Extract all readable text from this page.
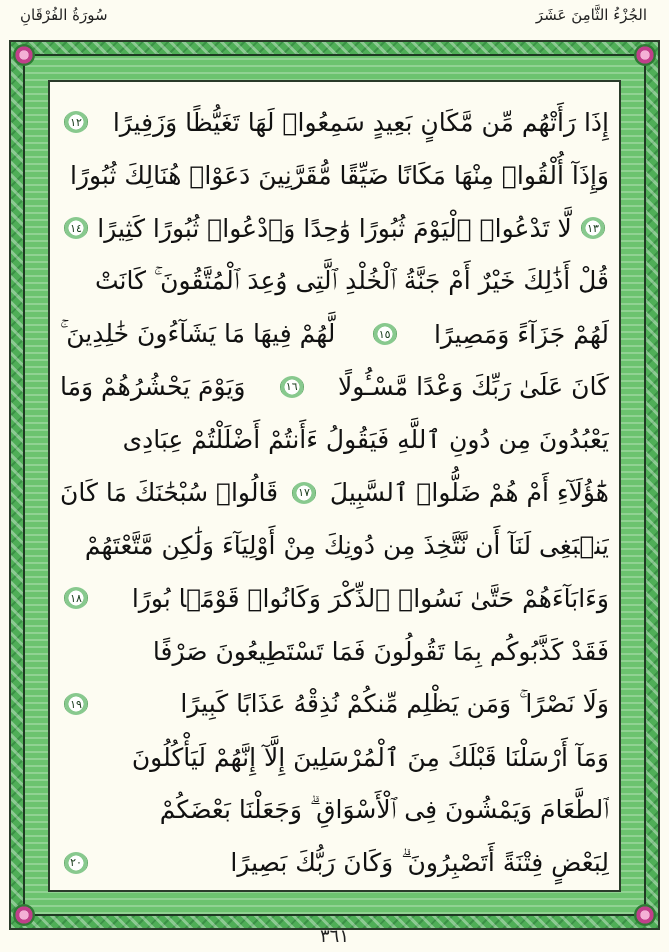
سُورَةُ الفُرْقَانِ	الجُزْءُ الثَّامِنَ عَشَرَ
إِذَا رَأَتْهُم مِّن مَّكَانٍ بَعِيدٍ سَمِعُوا۟ لَهَا تَغَيُّظًا وَزَفِيرًا
١٢
وَإِذَآ أُلْقُوا۟ مِنْهَا مَكَانًا ضَيِّقًا مُّقَرَّنِينَ دَعَوْا۟ هُنَالِكَ ثُبُورًا
١٣
لَّا تَدْعُوا۟ ٱلْيَوْمَ ثُبُورًا وَٰحِدًا وَٱدْعُوا۟ ثُبُورًا كَثِيرًا
١٤
قُلْ أَذَٰلِكَ خَيْرٌ أَمْ جَنَّةُ ٱلْخُلْدِ ٱلَّتِى وُعِدَ ٱلْمُتَّقُونَ ۚ كَانَتْ
لَهُمْ جَزَآءً وَمَصِيرًا
١٥
لَّهُمْ فِيهَا مَا يَشَآءُونَ خَٰلِدِينَ ۚ
كَانَ عَلَىٰ رَبِّكَ وَعْدًا مَّسْـُٔولًا
١٦
وَيَوْمَ يَحْشُرُهُمْ وَمَا
يَعْبُدُونَ مِن دُونِ ٱللَّهِ فَيَقُولُ ءَأَنتُمْ أَضْلَلْتُمْ عِبَادِى
هَٰٓؤُلَآءِ أَمْ هُمْ ضَلُّوا۟ ٱلسَّبِيلَ
١٧
قَالُوا۟ سُبْحَٰنَكَ مَا كَانَ
يَنۢبَغِى لَنَآ أَن نَّتَّخِذَ مِن دُونِكَ مِنْ أَوْلِيَآءَ وَلَٰكِن مَّتَّعْتَهُمْ
وَءَابَآءَهُمْ حَتَّىٰ نَسُوا۟ ٱلذِّكْرَ وَكَانُوا۟ قَوْمًۢا بُورًا
١٨
فَقَدْ كَذَّبُوكُم بِمَا تَقُولُونَ فَمَا تَسْتَطِيعُونَ صَرْفًا
وَلَا نَصْرًا ۚ وَمَن يَظْلِم مِّنكُمْ نُذِقْهُ عَذَابًا كَبِيرًا
١٩
وَمَآ أَرْسَلْنَا قَبْلَكَ مِنَ ٱلْمُرْسَلِينَ إِلَّآ إِنَّهُمْ لَيَأْكُلُونَ
ٱلطَّعَامَ وَيَمْشُونَ فِى ٱلْأَسْوَاقِ ۗ وَجَعَلْنَا بَعْضَكُمْ
لِبَعْضٍ فِتْنَةً أَتَصْبِرُونَ ۗ وَكَانَ رَبُّكَ بَصِيرًا
٢٠
٣٦١
